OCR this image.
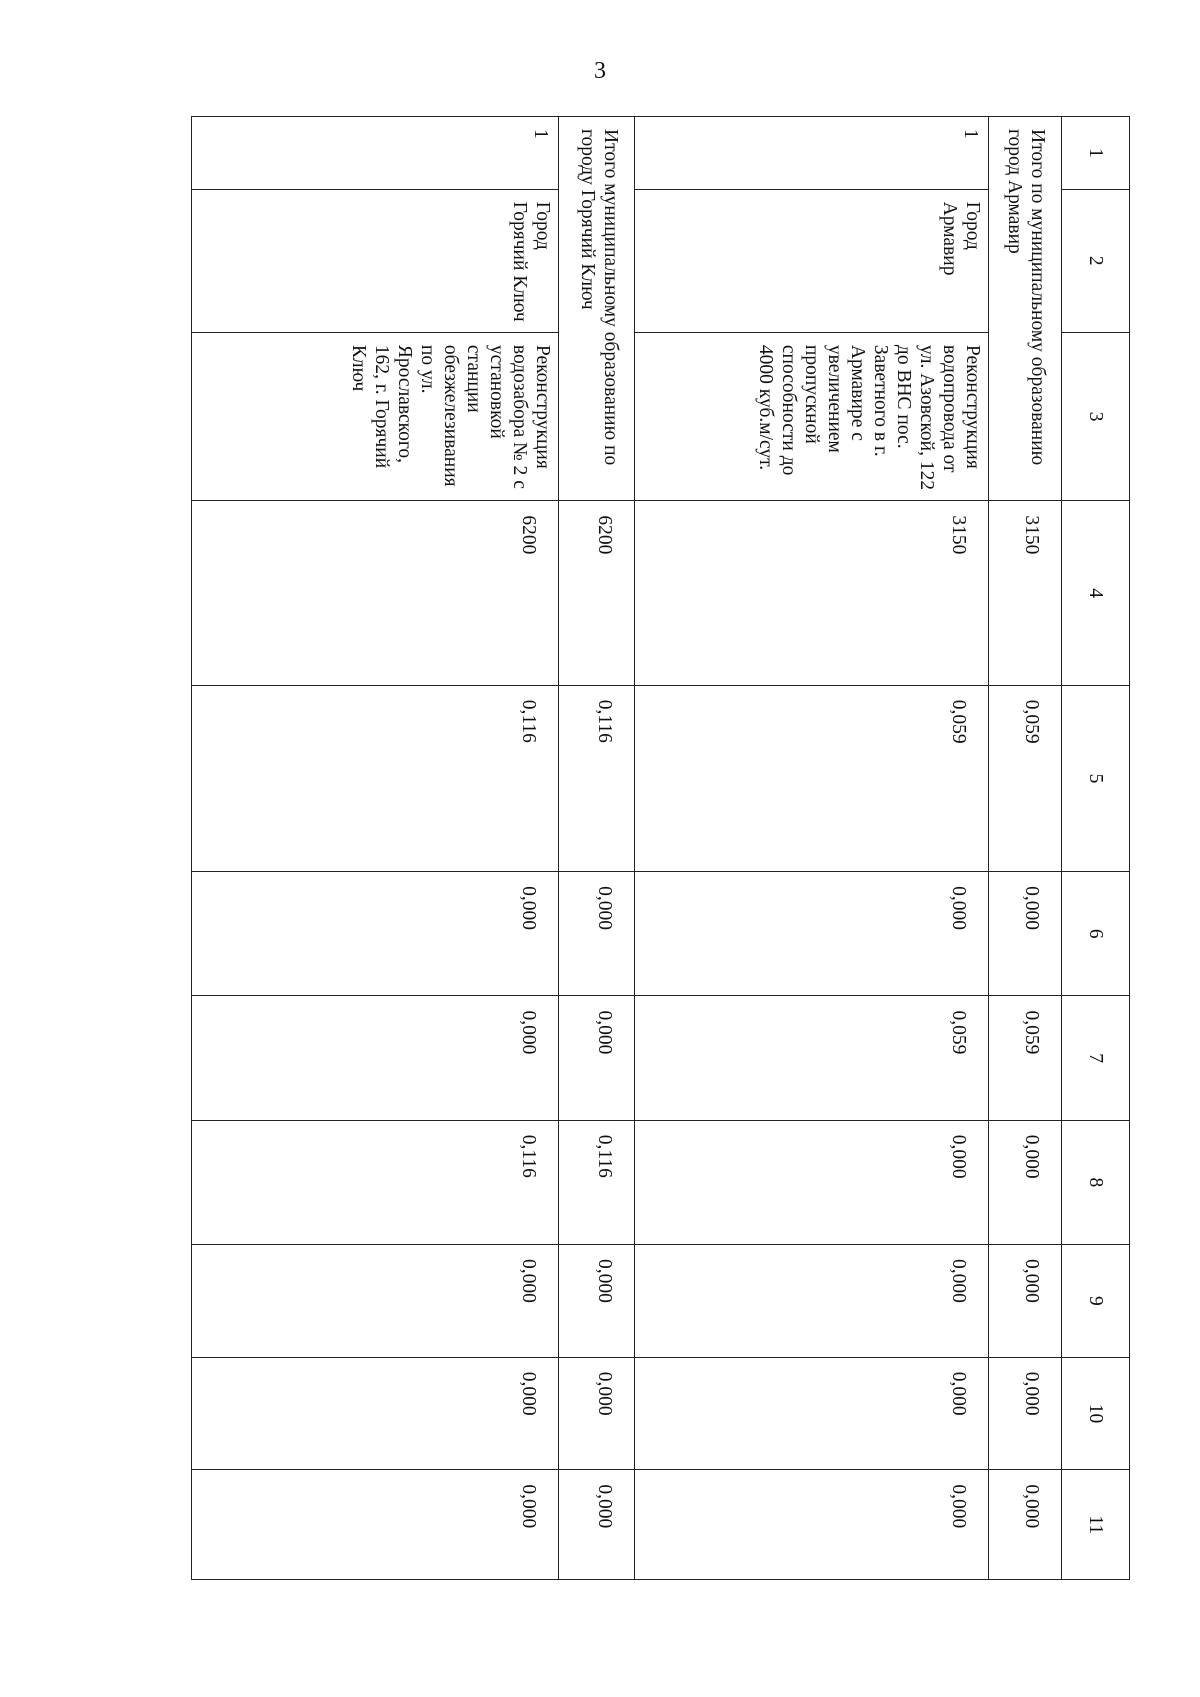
3
1	2	3	4	5	6	7	8	9	10	11
Итого по муниципальному образованию город Армавир			3150	0,059	0,000	0,059	0,000	0,000	0,000	0,000
1	Город Армавир	Реконструкция водопровода от ул. Азовской, 122 до ВНС пос. Заветного в г. Армавире с увеличением пропускной способности до 4000 куб.м/сут.	3150	0,059	0,000	0,059	0,000	0,000	0,000	0,000
Итого муниципальному образованию по городу Горячий Ключ			6200	0,116	0,000	0,000	0,116	0,000	0,000	0,000
1	Город Горячий Ключ	Реконструкция водозабора № 2 с установкой станции обезжелезивания по ул. Ярославского, 162, г. Горячий Ключ	6200	0,116	0,000	0,000	0,116	0,000	0,000	0,000
